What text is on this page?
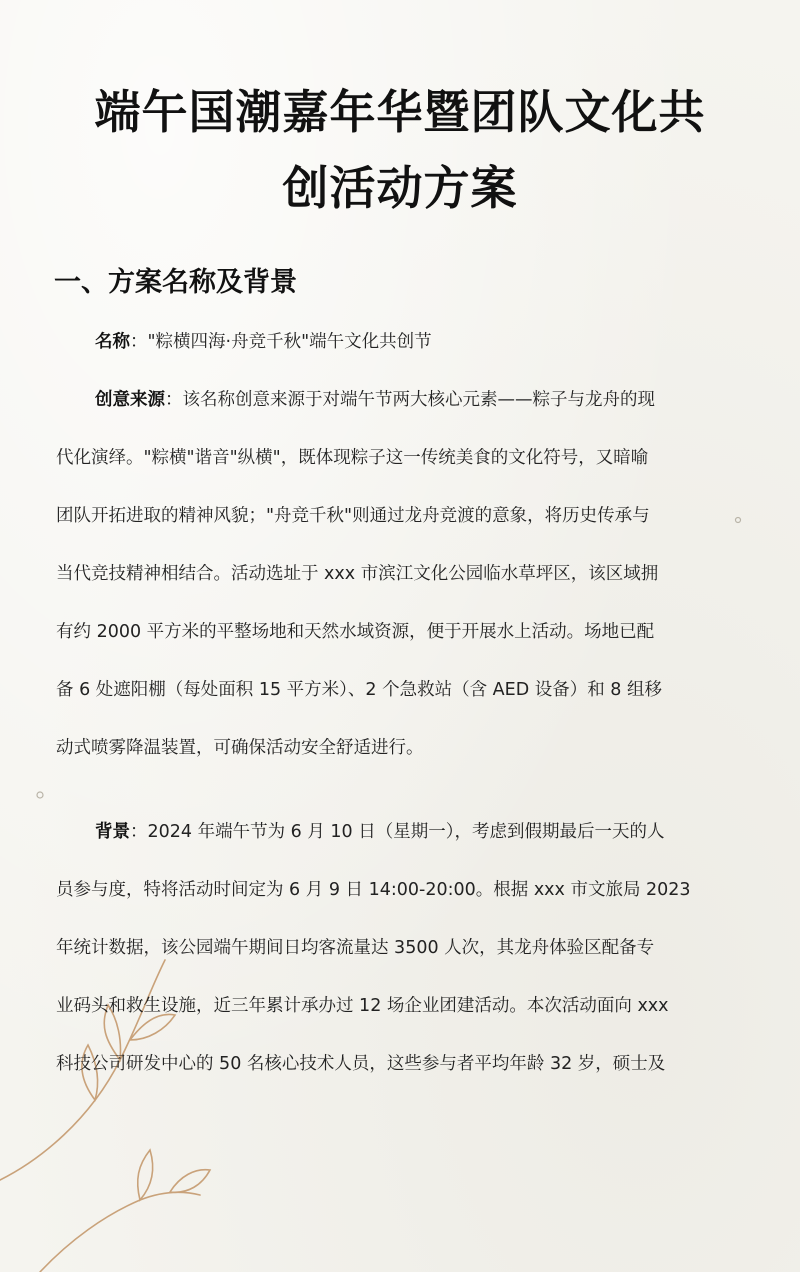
端午国潮嘉年华暨团队文化共
创活动方案
一、方案名称及背景
名称："粽横四海·舟竞千秋"端午文化共创节
创意来源：该名称创意来源于对端午节两大核心元素——粽子与龙舟的现
代化演绎。"粽横"谐音"纵横"，既体现粽子这一传统美食的文化符号，又暗喻
团队开拓进取的精神风貌；"舟竞千秋"则通过龙舟竞渡的意象，将历史传承与
当代竞技精神相结合。活动选址于 xxx 市滨江文化公园临水草坪区，该区域拥
有约 2000 平方米的平整场地和天然水域资源，便于开展水上活动。场地已配
备 6 处遮阳棚（每处面积 15 平方米）、2 个急救站（含 AED 设备）和 8 组移
动式喷雾降温装置，可确保活动安全舒适进行。
背景：2024 年端午节为 6 月 10 日（星期一），考虑到假期最后一天的人
员参与度，特将活动时间定为 6 月 9 日 14:00-20:00。根据 xxx 市文旅局 2023
年统计数据，该公园端午期间日均客流量达 3500 人次，其龙舟体验区配备专
业码头和救生设施，近三年累计承办过 12 场企业团建活动。本次活动面向 xxx
科技公司研发中心的 50 名核心技术人员，这些参与者平均年龄 32 岁，硕士及
